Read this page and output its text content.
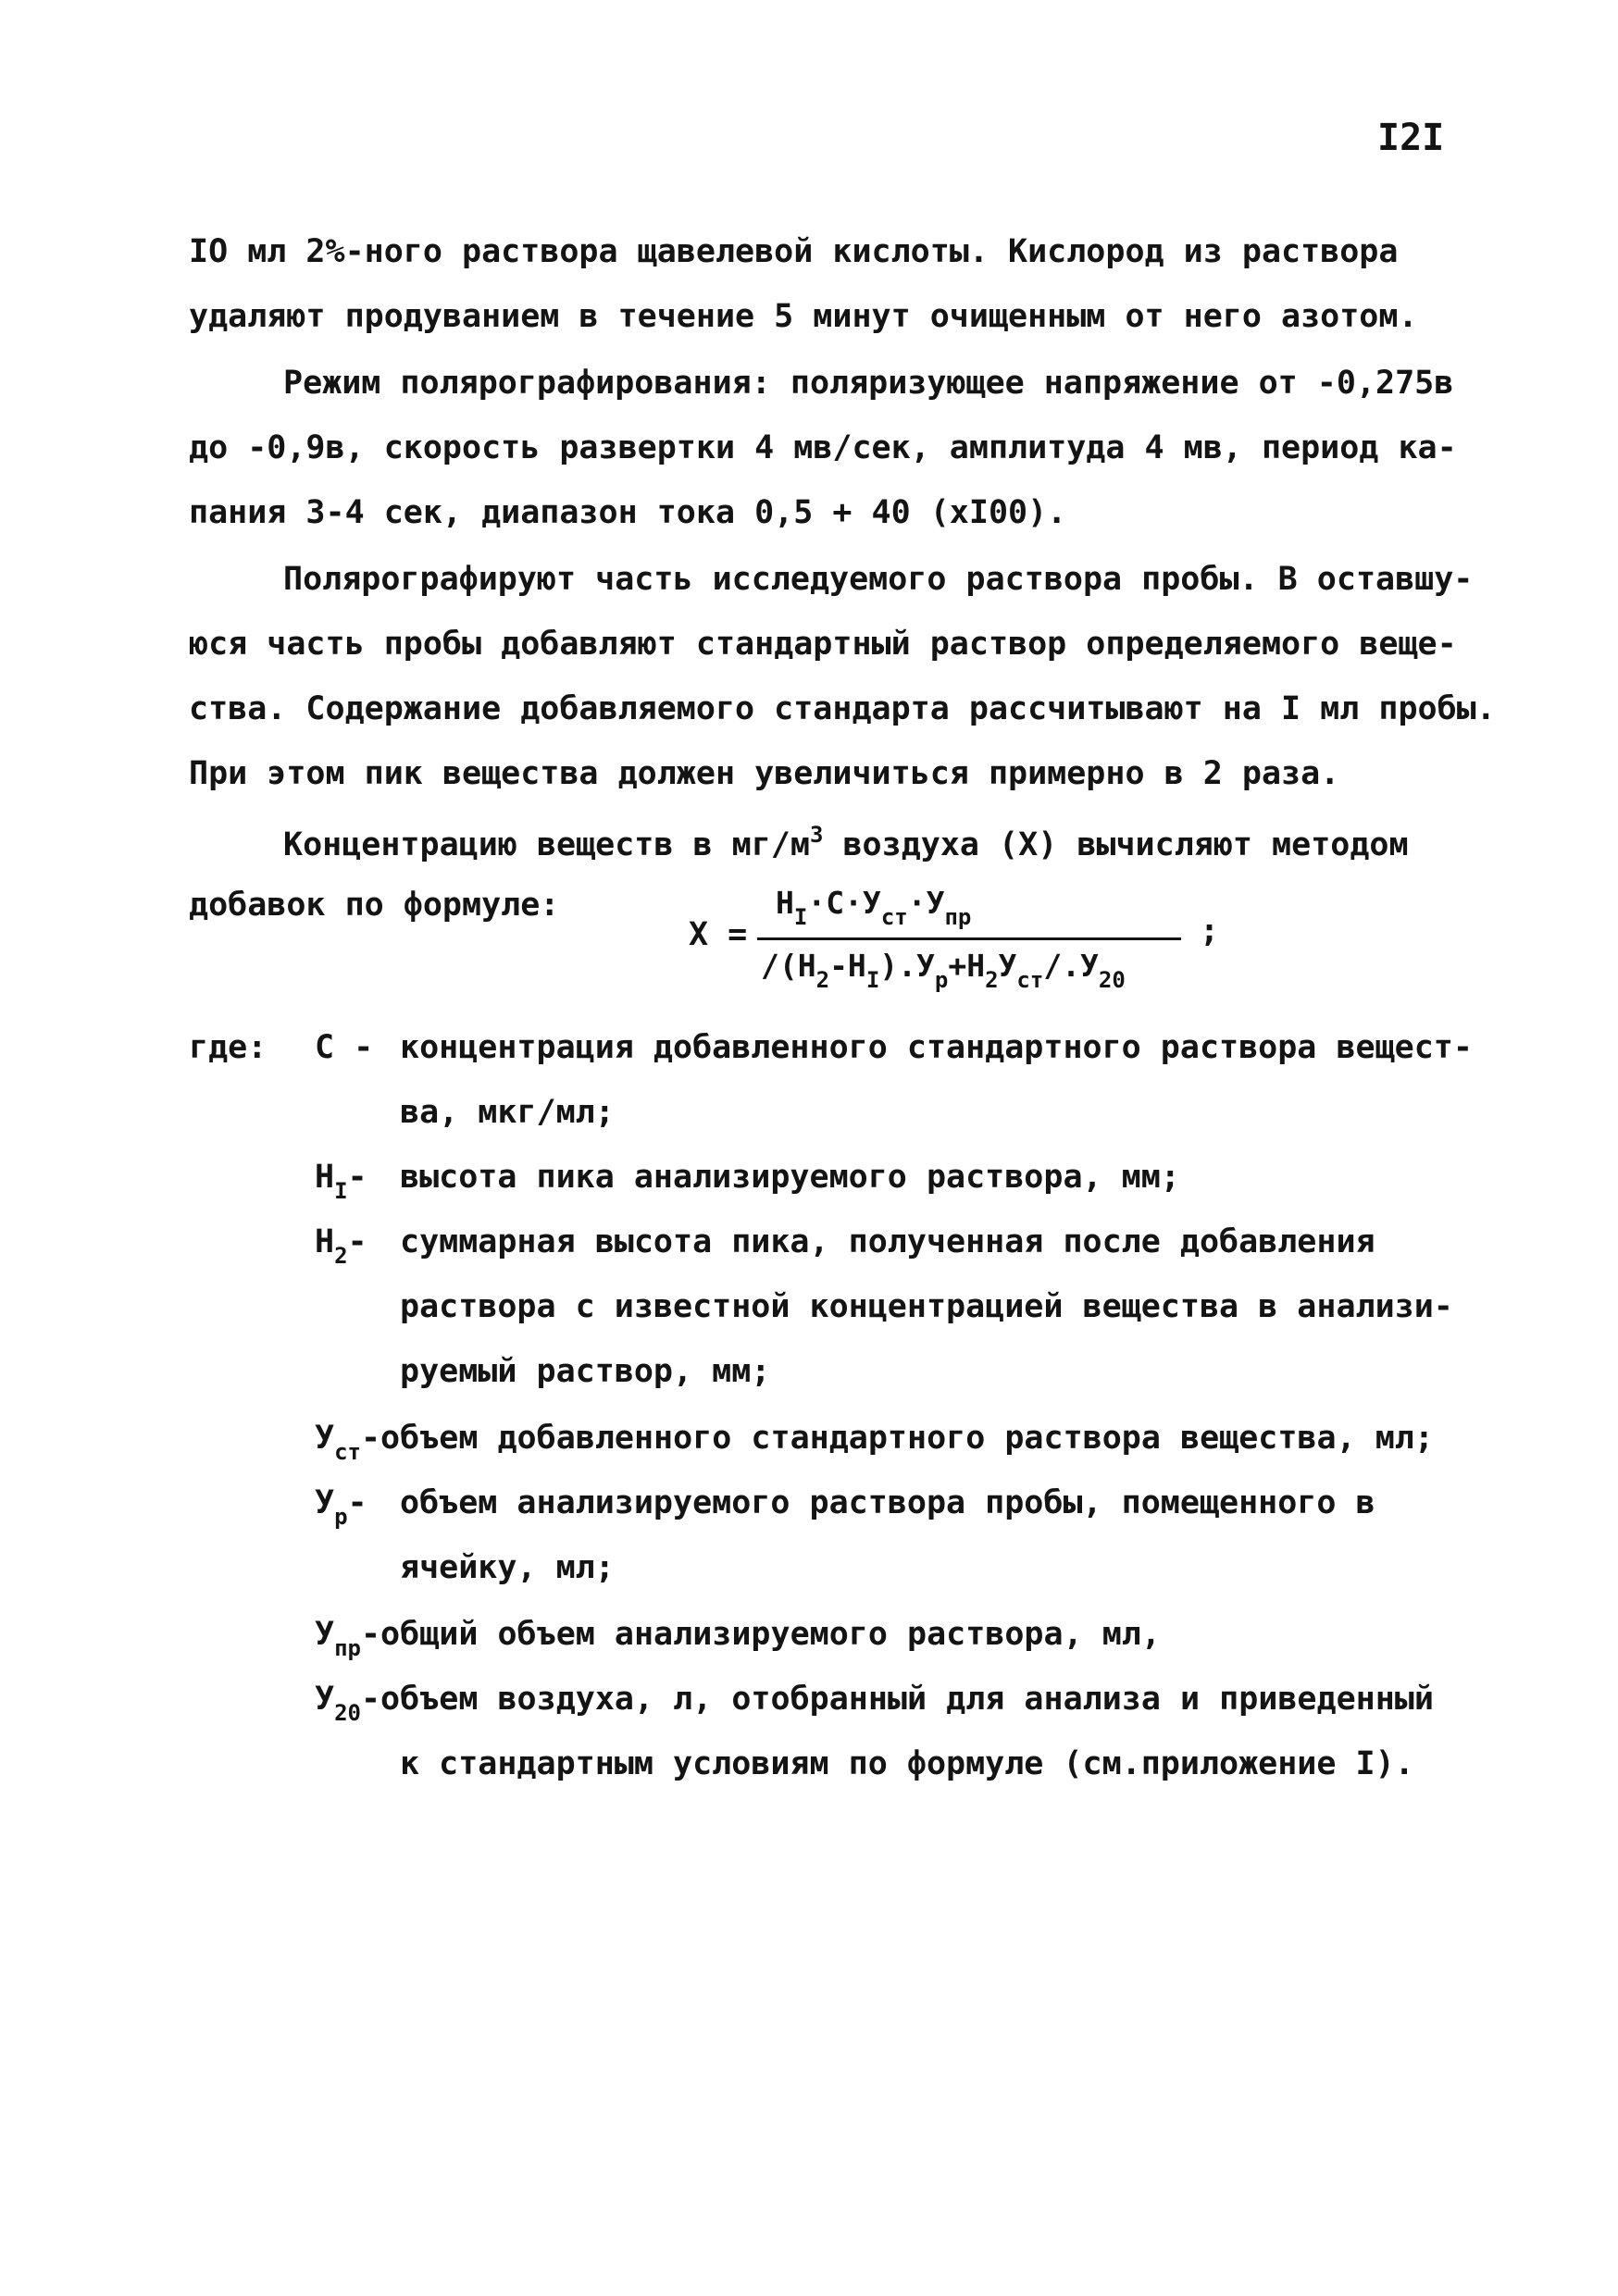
I2I
IO мл 2%-ного раствора щавелевой кислоты. Кислород из раствора
удаляют продуванием в течение 5 минут очищенным от него азотом.
Режим полярографирования: поляризующее напряжение от -0,275в
до -0,9в, скорость развертки 4 мв/сек, амплитуда 4 мв, период ка-
пания 3-4 сек, диапазон тока 0,5 + 40 (xI00).
Полярографируют часть исследуемого раствора пробы. В оставшу-
юся часть пробы добавляют стандартный раствор определяемого веще-
ства. Содержание добавляемого стандарта рассчитывают на I мл пробы.
При этом пик вещества должен увеличиться примерно в 2 раза.
Концентрацию веществ в $мг/м^3$ воздуха (X) вычисляют методом
добавок по формуле:
X =
$H_I\cdot C\cdot У_{ст}\cdot У_{пр}$
$/(H_2-H_I).У_р+H_2У_{ст}/.У_{20}$
;
где: C - концентрация добавленного стандартного раствора вещест-
ва, мкг/мл;
$H_I-$ высота пика анализируемого раствора, мм;
$H_2-$ суммарная высота пика, полученная после добавления
раствора с известной концентрацией вещества в анализи-
руемый раствор, мм;
$У_{ст}$-объем добавленного стандартного раствора вещества, мл;
$У_р-$ объем анализируемого раствора пробы, помещенного в
ячейку, мл;
$У_{пр}$-общий объем анализируемого раствора, мл,
$У_{20}$-объем воздуха, л, отобранный для анализа и приведенный
к стандартным условиям по формуле (см.приложение I).
